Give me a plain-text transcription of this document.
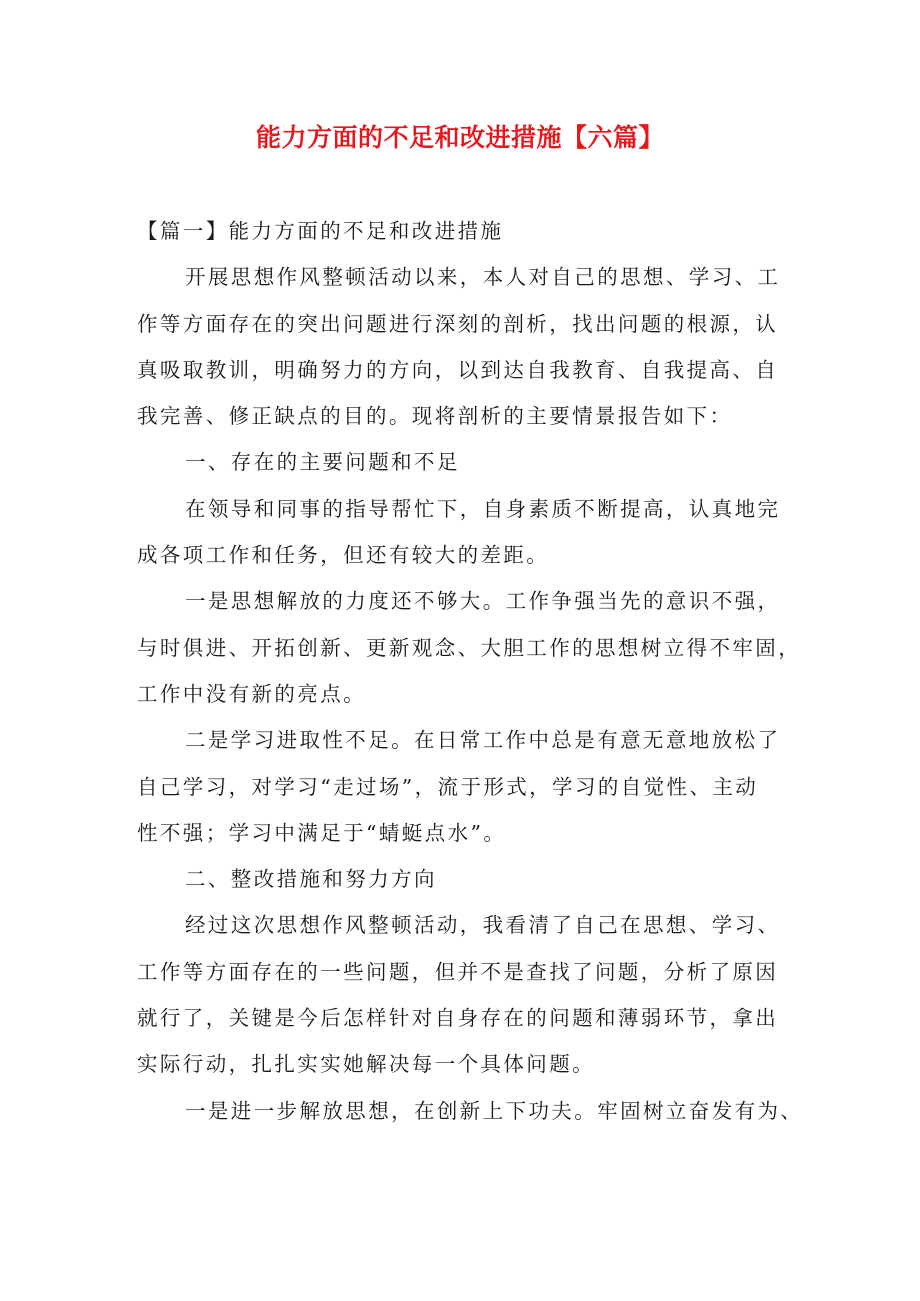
能力方面的不足和改进措施【六篇】
【篇一】能力方面的不足和改进措施
开展思想作风整顿活动以来，本人对自己的思想、学习、工
作等方面存在的突出问题进行深刻的剖析，找出问题的根源，认
真吸取教训，明确努力的方向，以到达自我教育、自我提高、自
我完善、修正缺点的目的。现将剖析的主要情景报告如下：
一、存在的主要问题和不足
在领导和同事的指导帮忙下，自身素质不断提高，认真地完
成各项工作和任务，但还有较大的差距。
一是思想解放的力度还不够大。工作争强当先的意识不强，
与时俱进、开拓创新、更新观念、大胆工作的思想树立得不牢固，
工作中没有新的亮点。
二是学习进取性不足。在日常工作中总是有意无意地放松了
自己学习，对学习“走过场”，流于形式，学习的自觉性、主动
性不强；学习中满足于“蜻蜓点水”。
二、整改措施和努力方向
经过这次思想作风整顿活动，我看清了自己在思想、学习、
工作等方面存在的一些问题，但并不是查找了问题，分析了原因
就行了，关键是今后怎样针对自身存在的问题和薄弱环节，拿出
实际行动，扎扎实实她解决每一个具体问题。
一是进一步解放思想，在创新上下功夫。牢固树立奋发有为、
